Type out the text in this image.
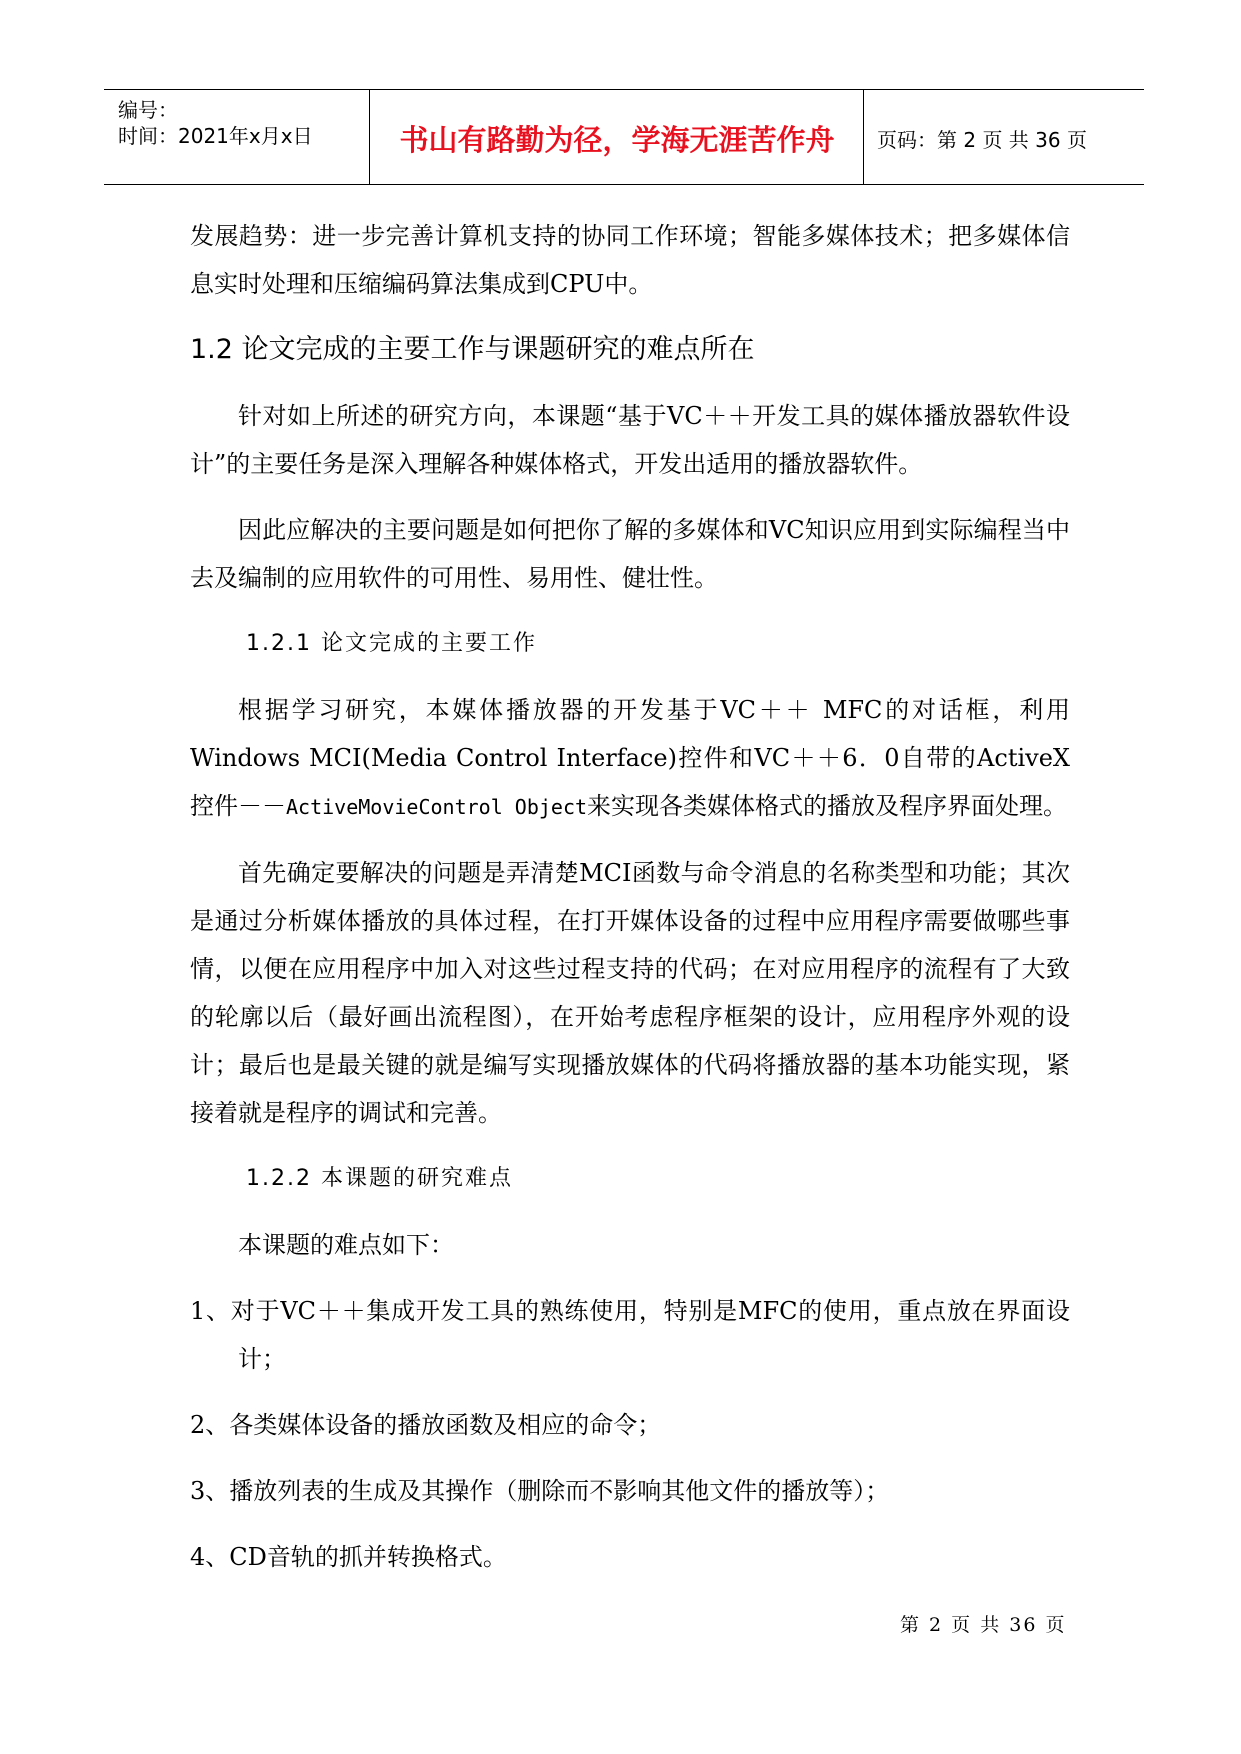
编号：
时间：2021年x月x日	书山有路勤为径，学海无涯苦作舟	页码：第 2 页 共 36 页

发展趋势：进一步完善计算机支持的协同工作环境；智能多媒体技术；把多媒体信息实时处理和压缩编码算法集成到CPU中。

1.2 论文完成的主要工作与课题研究的难点所在

针对如上所述的研究方向，本课题“基于VC＋＋开发工具的媒体播放器软件设计”的主要任务是深入理解各种媒体格式，开发出适用的播放器软件。

因此应解决的主要问题是如何把你了解的多媒体和VC知识应用到实际编程当中去及编制的应用软件的可用性、易用性、健壮性。

1.2.1 论文完成的主要工作

根据学习研究，本媒体播放器的开发基于VC＋＋ MFC的对话框，利用Windows MCI(Media Control Interface)控件和VC＋＋6．0自带的ActiveX控件－－ActiveMovieControl Object来实现各类媒体格式的播放及程序界面处理。

首先确定要解决的问题是弄清楚MCI函数与命令消息的名称类型和功能；其次是通过分析媒体播放的具体过程，在打开媒体设备的过程中应用程序需要做哪些事情，以便在应用程序中加入对这些过程支持的代码；在对应用程序的流程有了大致的轮廓以后（最好画出流程图），在开始考虑程序框架的设计，应用程序外观的设计；最后也是最关键的就是编写实现播放媒体的代码将播放器的基本功能实现，紧接着就是程序的调试和完善。

1.2.2 本课题的研究难点

本课题的难点如下：

1、对于VC＋＋集成开发工具的熟练使用，特别是MFC的使用，重点放在界面设计；

2、各类媒体设备的播放函数及相应的命令；

3、播放列表的生成及其操作（删除而不影响其他文件的播放等）；

4、CD音轨的抓并转换格式。

第 2 页 共 36 页
